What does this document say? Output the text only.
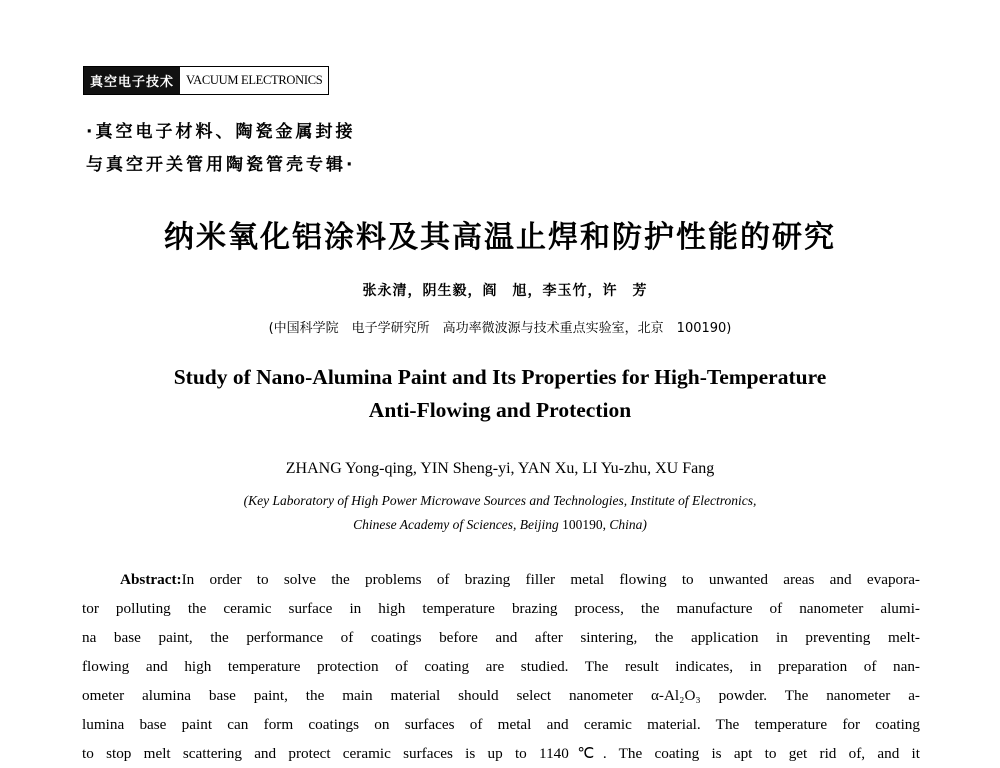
真空电子技术 VACUUM ELECTRONICS
·真空电子材料、陶瓷金属封接
与真空开关管用陶瓷管壳专辑·
纳米氧化铝涂料及其高温止焊和防护性能的研究
张永清，阴生毅，阎　旭，李玉竹，许　芳
(中国科学院　电子学研究所　高功率微波源与技术重点实验室，北京　100190)
Study of Nano-Alumina Paint and Its Properties for High-Temperature
Anti-Flowing and Protection
ZHANG Yong-qing, YIN Sheng-yi, YAN Xu, LI Yu-zhu, XU Fang
(Key Laboratory of High Power Microwave Sources and Technologies, Institute of Electronics,
Chinese Academy of Sciences, Beijing 100190, China)
Abstract:In order to solve the problems of brazing filler metal flowing to unwanted areas and evapora-
tor polluting the ceramic surface in high temperature brazing process, the manufacture of nanometer alumi-
na base paint, the performance of coatings before and after sintering, the application in preventing melt-
flowing and high temperature protection of coating are studied. The result indicates, in preparation of nan-
ometer alumina base paint, the main material should select nanometer α-Al₂O₃ powder. The nanometer a-
lumina base paint can form coatings on surfaces of metal and ceramic material. The temperature for coating
to stop melt scattering and protect ceramic surfaces is up to 1140℃. The coating is apt to get rid of, and it
